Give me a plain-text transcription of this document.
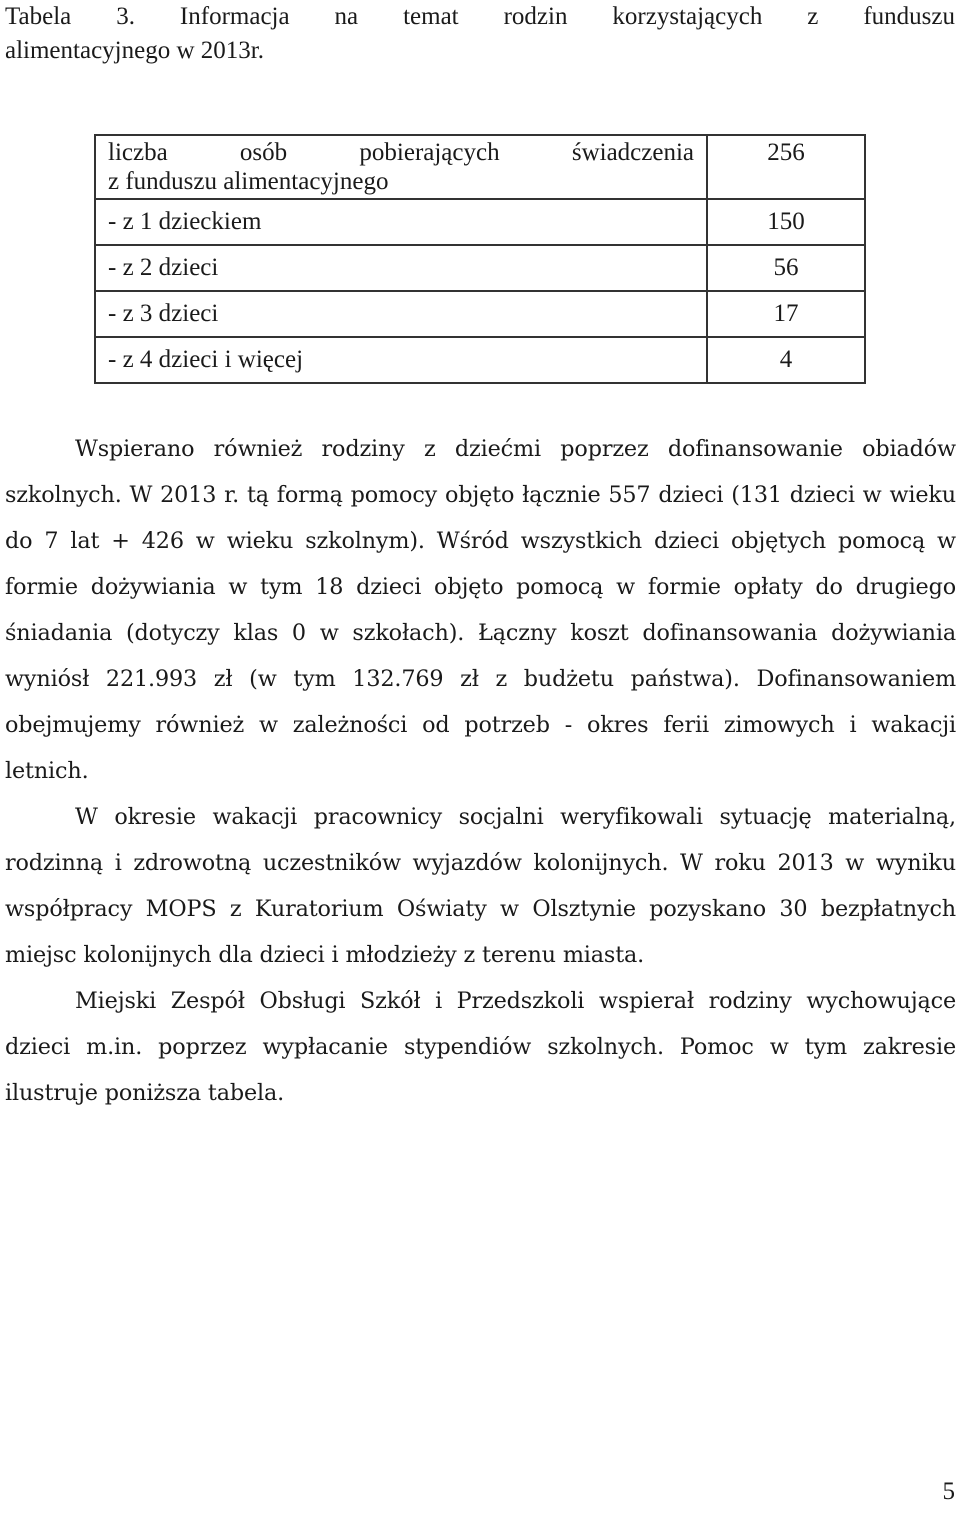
Tabela 3. Informacja na temat rodzin korzystających z funduszu
alimentacyjnego w 2013r.

liczba osób pobierających świadczenia
z funduszu alimentacyjnego	256
- z 1 dzieckiem	150
- z 2 dzieci	56
- z 3 dzieci	17
- z 4 dzieci i więcej	4

Wspierano również rodziny z dziećmi poprzez dofinansowanie obiadów szkolnych. W 2013 r. tą formą pomocy objęto łącznie 557 dzieci (131 dzieci w wieku do 7 lat + 426 w wieku szkolnym). Wśród wszystkich dzieci objętych pomocą w formie dożywiania w tym 18 dzieci objęto pomocą w formie opłaty do drugiego śniadania (dotyczy klas 0 w szkołach). Łączny koszt dofinansowania dożywiania wyniósł 221.993 zł (w tym 132.769 zł z budżetu państwa). Dofinansowaniem obejmujemy również w zależności od potrzeb - okres ferii zimowych i wakacji letnich.

W okresie wakacji pracownicy socjalni weryfikowali sytuację materialną, rodzinną i zdrowotną uczestników wyjazdów kolonijnych. W roku 2013 w wyniku współpracy MOPS z Kuratorium Oświaty w Olsztynie pozyskano 30 bezpłatnych miejsc kolonijnych dla dzieci i młodzieży z terenu miasta.

Miejski Zespół Obsługi Szkół i Przedszkoli wspierał rodziny wychowujące dzieci m.in. poprzez wypłacanie stypendiów szkolnych. Pomoc w tym zakresie ilustruje poniższa tabela.

5
